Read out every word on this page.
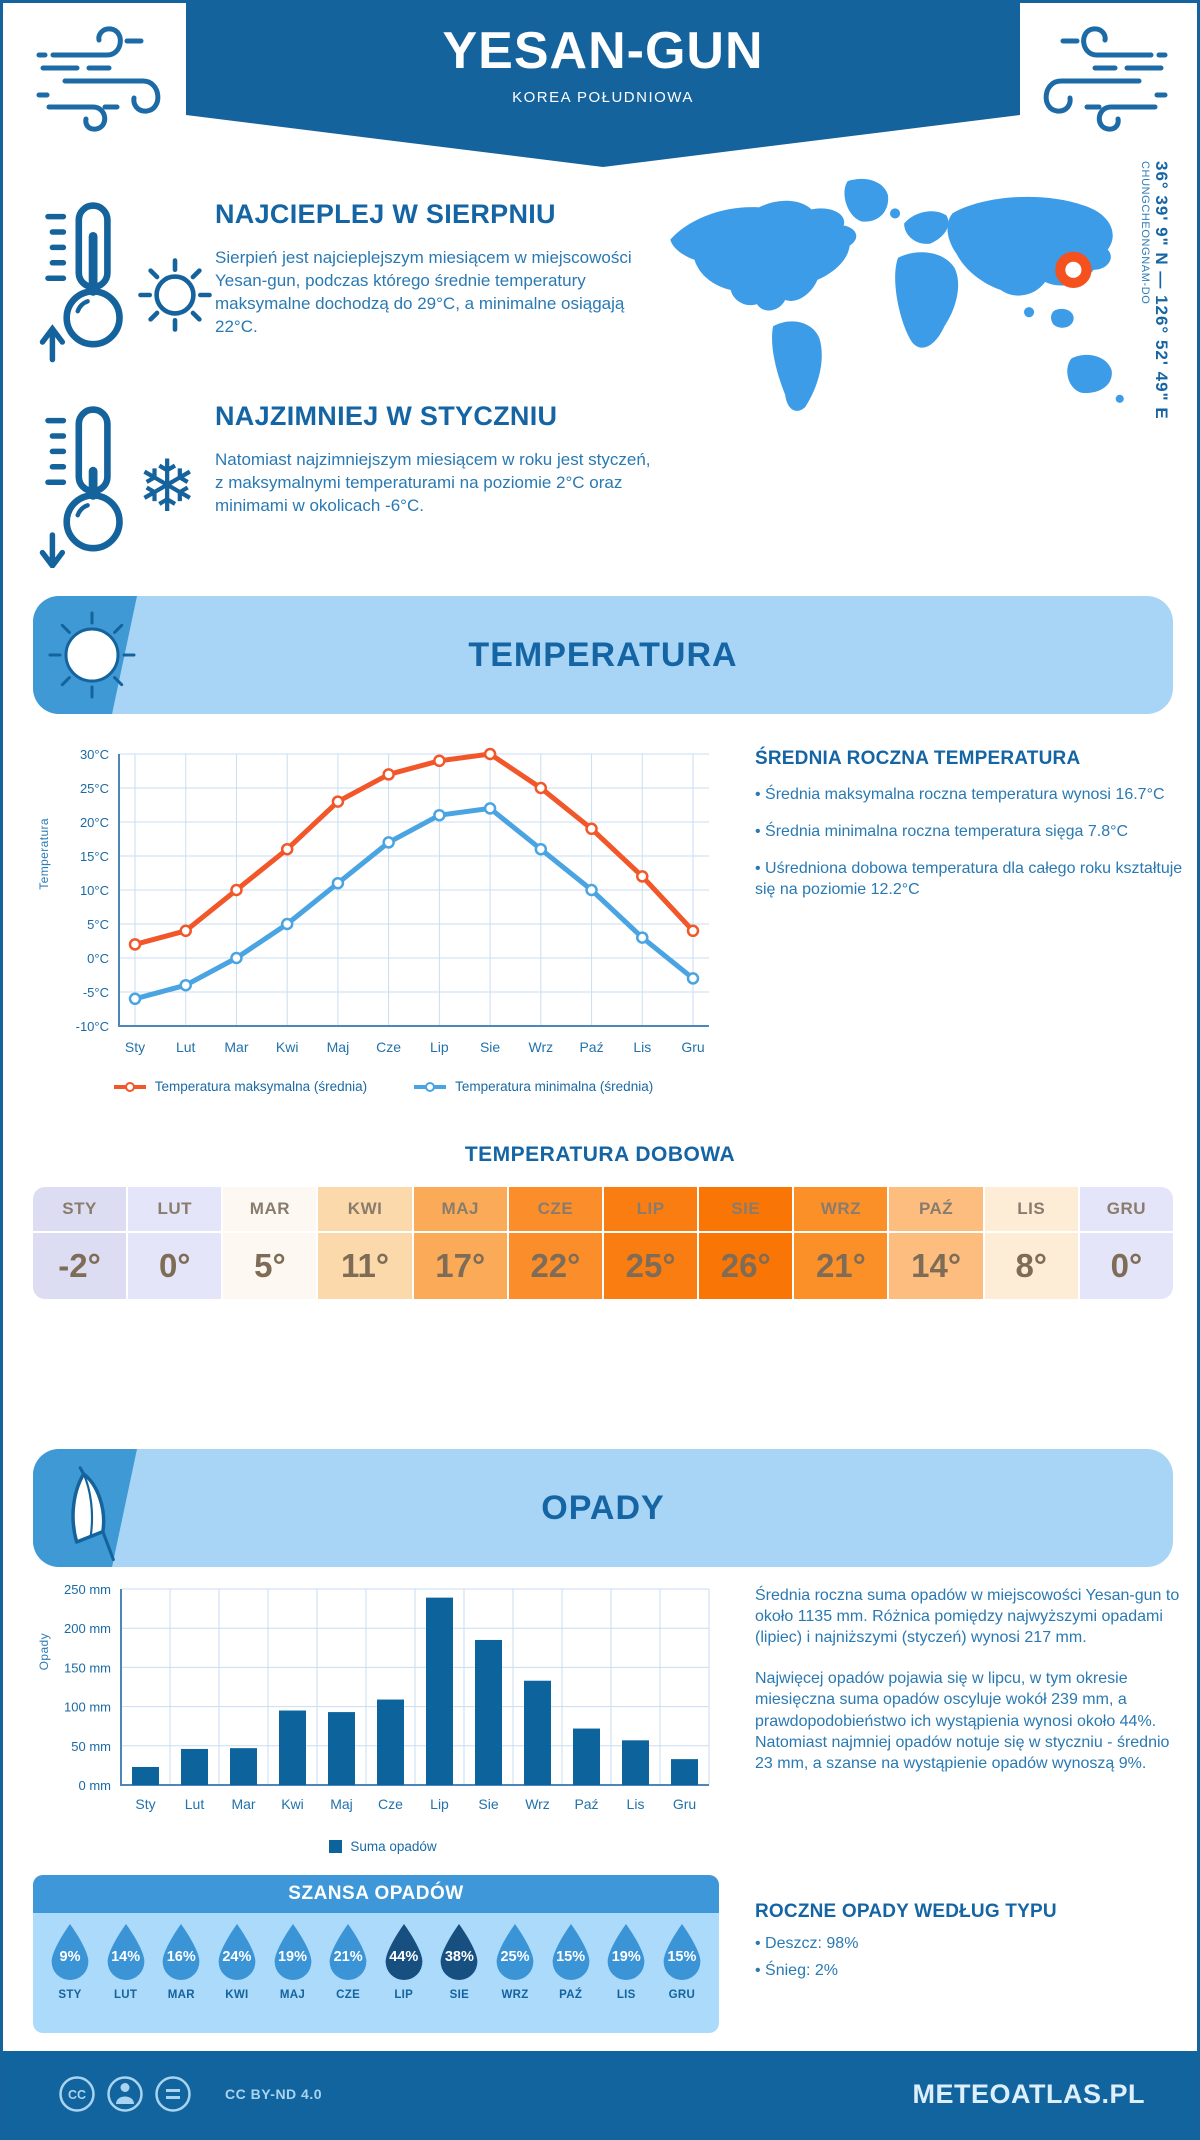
YESAN-GUN
KOREA POŁUDNIOWA
NAJCIEPLEJ W SIERPNIU
Sierpień jest najcieplejszym miesiącem w miejscowości Yesan-gun, podczas którego średnie temperatury maksymalne dochodzą do 29°C, a minimalne osiągają 22°C.
❄
NAJZIMNIEJ W STYCZNIU
Natomiast najzimniejszym miesiącem w roku jest styczeń, z maksymalnymi temperaturami na poziomie 2°C oraz minimami w okolicach -6°C.
36° 39' 9" N — 126° 52' 49" E
CHUNGCHEONGNAM-DO
TEMPERATURA
Temperatura
30°C
25°C
20°C
15°C
10°C
5°C
0°C
-5°C
-10°C
Sty Lut Mar Kwi Maj Cze Lip Sie Wrz Paź Lis Gru
Temperatura maksymalna (średnia)	Temperatura minimalna (średnia)
ŚREDNIA ROCZNA TEMPERATURA

• Średnia maksymalna roczna temperatura wynosi 16.7°C

• Średnia minimalna roczna temperatura sięga 7.8°C

• Uśredniona dobowa temperatura dla całego roku kształtuje się na poziomie 12.2°C

TEMPERATURA DOBOWA
STY	LUT	MAR	KWI	MAJ	CZE	LIP	SIE	WRZ	PAŹ	LIS	GRU
-2°	0°	5°	11°	17°	22°	25°	26°	21°	14°	8°	0°
OPADY
Opady
250 mm
200 mm
150 mm
100 mm
50 mm
0 mm
Sty Lut Mar Kwi Maj Cze Lip Sie Wrz Paź Lis Gru
Suma opadów

Średnia roczna suma opadów w miejscowości Yesan-gun to około 1135 mm. Różnica pomiędzy najwyższymi opadami (lipiec) i najniższymi (styczeń) wynosi 217 mm.

Najwięcej opadów pojawia się w lipcu, w tym okresie miesięczna suma opadów oscyluje wokół 239 mm, a prawdopodobieństwo ich wystąpienia wynosi około 44%. Natomiast najmniej opadów notuje się w styczniu - średnio 23 mm, a szanse na wystąpienie opadów wynoszą 9%.

SZANSA OPADÓW
9%
STY
14%
LUT
16%
MAR
24%
KWI
19%
MAJ
21%
CZE
44%
LIP
38%
SIE
25%
WRZ
15%
PAŹ
19%
LIS
15%
GRU
ROCZNE OPADY WEDŁUG TYPU

• Deszcz: 98%

• Śnieg: 2%

CC	CC BY-ND 4.0	METEOATLAS.PL
